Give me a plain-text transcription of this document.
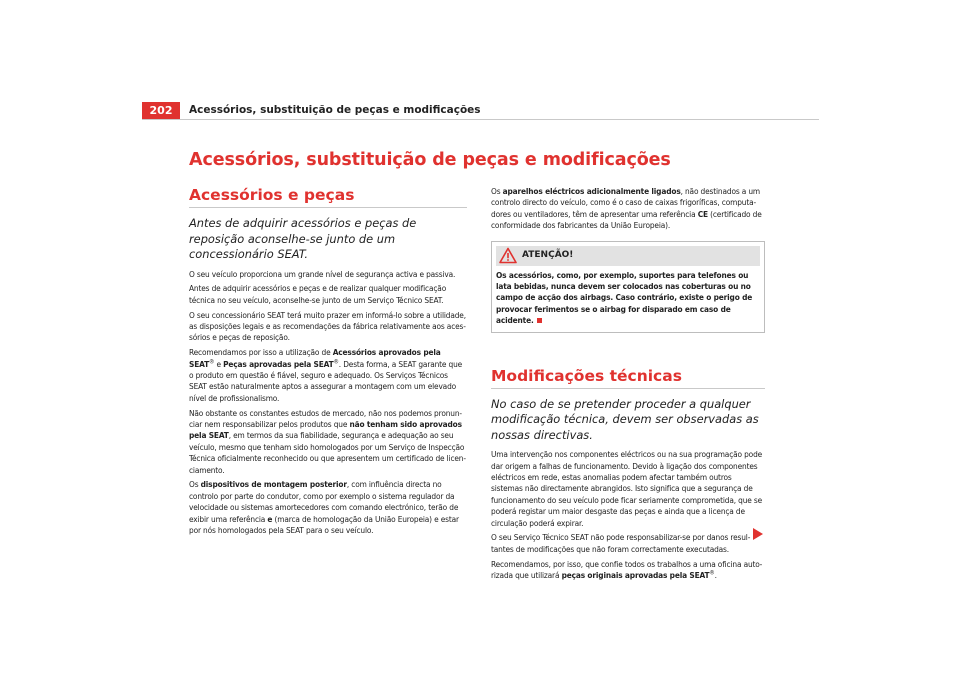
202	Acessórios, substituição de peças e modificações
Acessórios, substituição de peças e modificações
Acessórios e peças
Antes de adquirir acessórios e peças de reposição aconselhe-se junto de um concessionário SEAT.

O seu veículo proporciona um grande nível de segurança activa e passiva.

Antes de adquirir acessórios e peças e de realizar qualquer modificação técnica no seu veículo, aconselhe-se junto de um Serviço Técnico SEAT.

O seu concessionário SEAT terá muito prazer em informá-lo sobre a utilidade, as disposições legais e as recomendações da fábrica relativamente aos acessórios e peças de reposição.

Recomendamos por isso a utilização de Acessórios aprovados pela SEAT® e Peças aprovadas pela SEAT®. Desta forma, a SEAT garante que o produto em questão é fiável, seguro e adequado. Os Serviços Técnicos SEAT estão naturalmente aptos a assegurar a montagem com um elevado nível de profissionalismo.

Não obstante os constantes estudos de mercado, não nos podemos pronunciar nem responsabilizar pelos produtos que não tenham sido aprovados pela SEAT, em termos da sua fiabilidade, segurança e adequação ao seu veículo, mesmo que tenham sido homologados por um Serviço de Inspecção Técnica oficialmente reconhecido ou que apresentem um certificado de licenciamento.

Os dispositivos de montagem posterior, com influência directa no controlo por parte do condutor, como por exemplo o sistema regulador da velocidade ou sistemas amortecedores com comando electrónico, terão de exibir uma referência e (marca de homologação da União Europeia) e estar por nós homologados pela SEAT para o seu veículo.

Os aparelhos eléctricos adicionalmente ligados, não destinados a um controlo directo do veículo, como é o caso de caixas frigoríficas, computadores ou ventiladores, têm de apresentar uma referência CE (certificado de conformidade dos fabricantes da União Europeia).

ATENÇÃO!
Os acessórios, como, por exemplo, suportes para telefones ou lata bebidas, nunca devem ser colocados nas coberturas ou no campo de acção dos airbags. Caso contrário, existe o perigo de provocar ferimentos se o airbag for disparado em caso de acidente.
Modificações técnicas
No caso de se pretender proceder a qualquer modificação técnica, devem ser observadas as nossas directivas.

Uma intervenção nos componentes eléctricos ou na sua programação pode dar origem a falhas de funcionamento. Devido à ligação dos componentes eléctricos em rede, estas anomalias podem afectar também outros sistemas não directamente abrangidos. Isto significa que a segurança de funcionamento do seu veículo pode ficar seriamente comprometida, que se poderá registar um maior desgaste das peças e ainda que a licença de circulação poderá expirar.

O seu Serviço Técnico SEAT não pode responsabilizar-se por danos resultantes de modificações que não foram correctamente executadas.

Recomendamos, por isso, que confie todos os trabalhos a uma oficina autorizada que utilizará peças originais aprovadas pela SEAT®.
